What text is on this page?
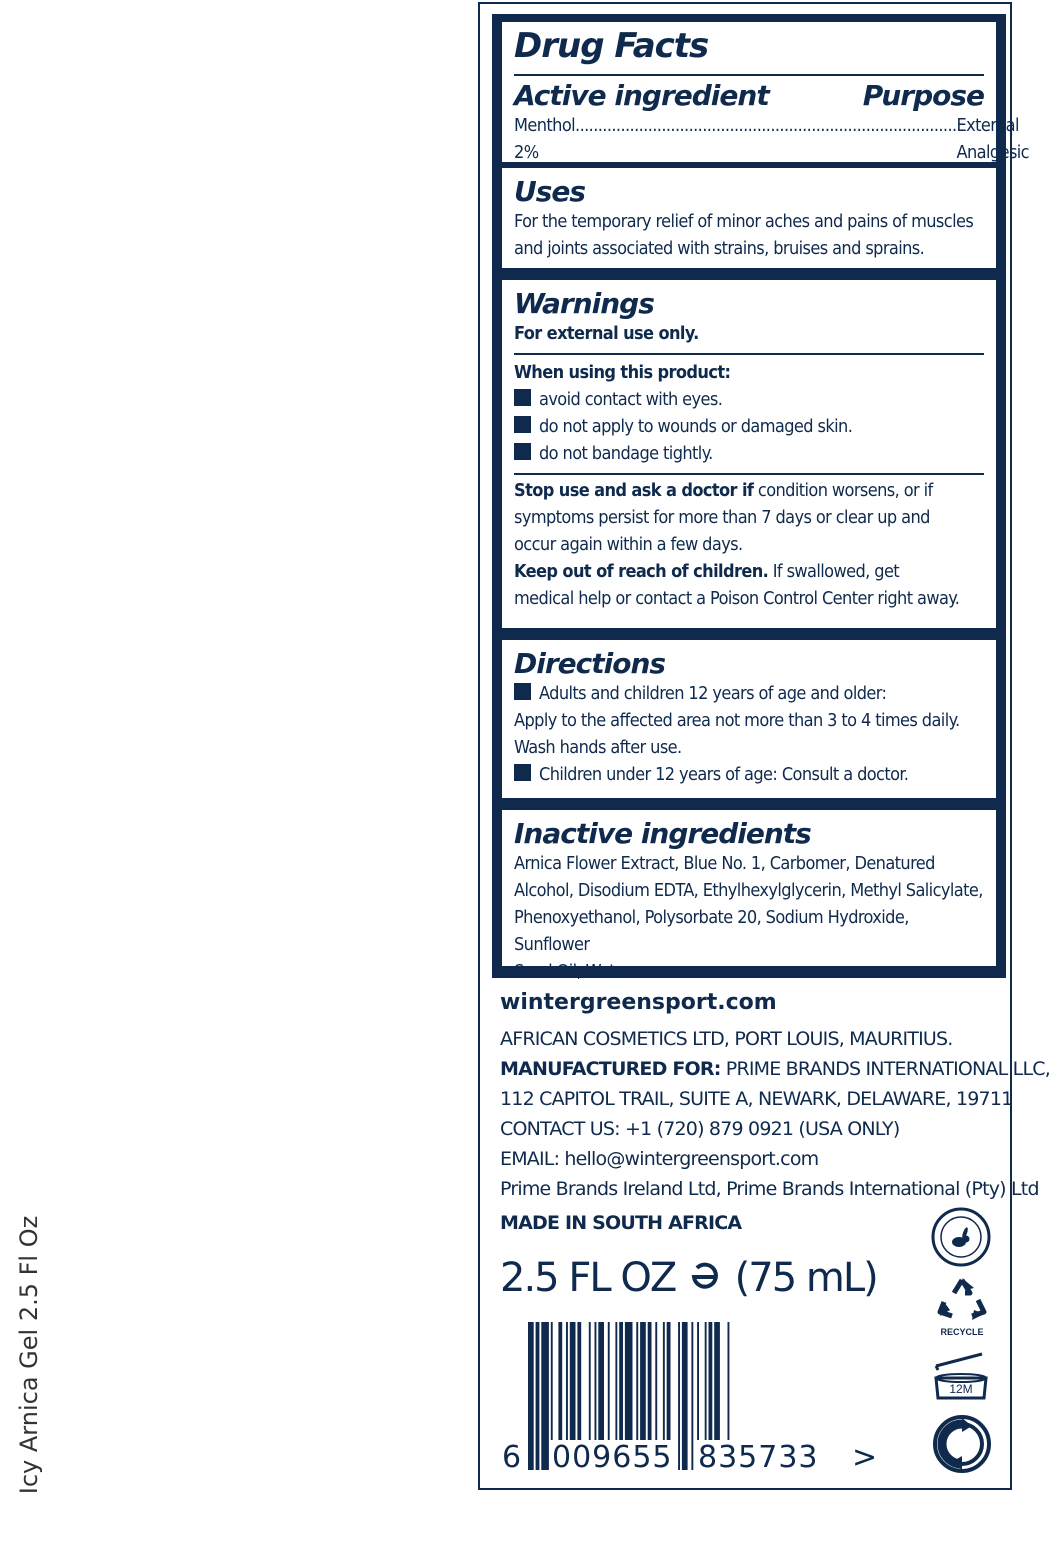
Icy Arnica Gel 2.5 Fl Oz
Drug Facts
Active ingredient	Purpose
Menthol 2%
.................................................................................... External Analgesic
Uses
For the temporary relief of minor aches and pains of muscles
and joints associated with strains, bruises and sprains.
Warnings
For external use only.
When using this product:
avoid contact with eyes.
do not apply to wounds or damaged skin.
do not bandage tightly.
Stop use and ask a doctor if condition worsens, or if
symptoms persist for more than 7 days or clear up and
occur again within a few days.
Keep out of reach of children. If swallowed, get
medical help or contact a Poison Control Center right away.
Directions
Adults and children 12 years of age and older:
Apply to the affected area not more than 3 to 4 times daily.
Wash hands after use.
Children under 12 years of age: Consult a doctor.
Inactive ingredients
Arnica Flower Extract, Blue No. 1, Carbomer, Denatured
Alcohol, Disodium EDTA, Ethylhexylglycerin, Methyl Salicylate,
Phenoxyethanol, Polysorbate 20, Sodium Hydroxide, Sunflower
Seed Oil, Water
wintergreensport.com
AFRICAN COSMETICS LTD, PORT LOUIS, MAURITIUS.
MANUFACTURED FOR: PRIME BRANDS INTERNATIONAL LLC,
112 CAPITOL TRAIL, SUITE A, NEWARK, DELAWARE, 19711
CONTACT US: +1 (720) 879 0921 (USA ONLY)
EMAIL: hello@wintergreensport.com
Prime Brands Ireland Ltd, Prime Brands International (Pty) Ltd
MADE IN SOUTH AFRICA
2.5 FL OZ (75 mL)
6 009655 835733 >
RECYCLE
12M
